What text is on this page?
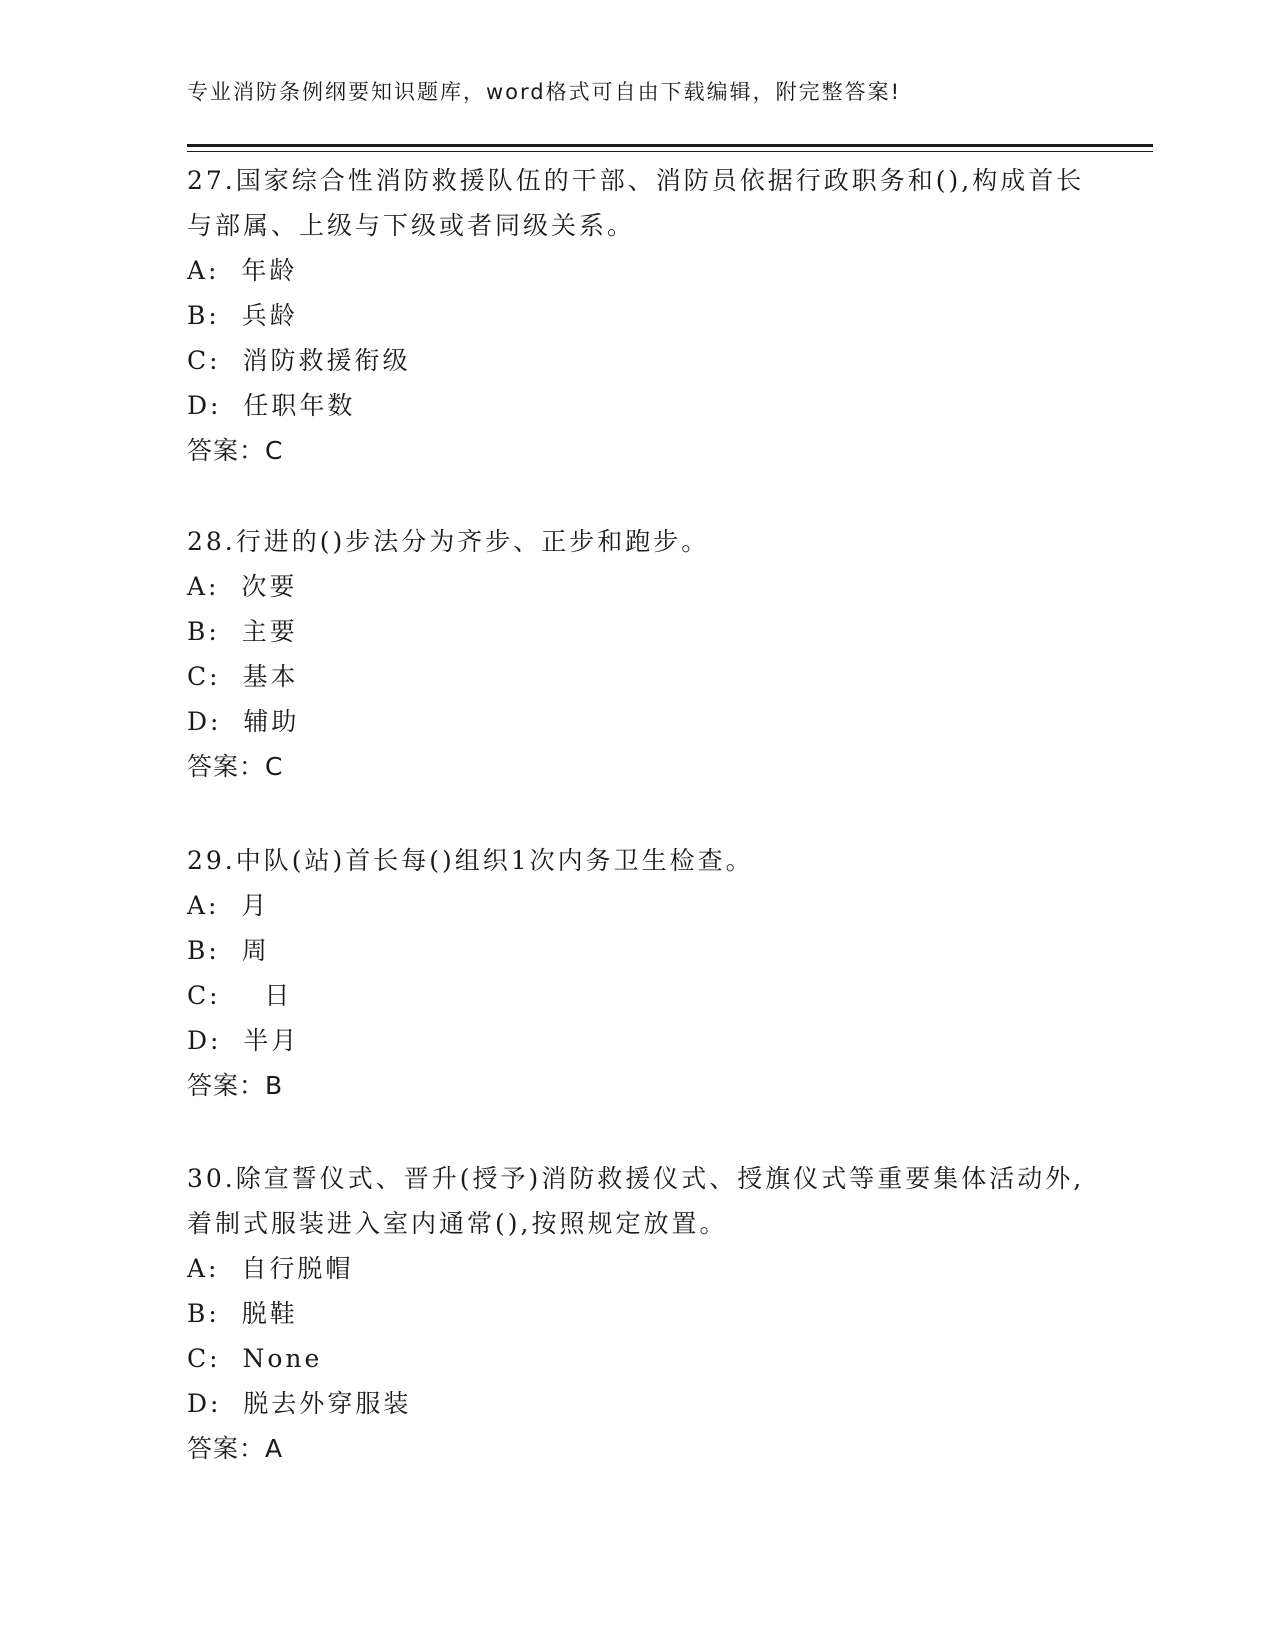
专业消防条例纲要知识题库，word格式可自由下载编辑，附完整答案!

27.国家综合性消防救援队伍的干部、消防员依据行政职务和(),构成首长与部属、上级与下级或者同级关系。

A:  年龄

B:  兵龄

C:  消防救援衔级

D:  任职年数

答案：C

28.行进的()步法分为齐步、正步和跑步。

A:  次要

B:  主要

C:  基本

D:  辅助

答案：C

29.中队(站)首长每()组织1次内务卫生检查。

A:  月

B:  周

C:    日

D:  半月

答案：B

30.除宣誓仪式、晋升(授予)消防救援仪式、授旗仪式等重要集体活动外,着制式服装进入室内通常(),按照规定放置。

A:  自行脱帽

B:  脱鞋

C:  None

D:  脱去外穿服装

答案：A
